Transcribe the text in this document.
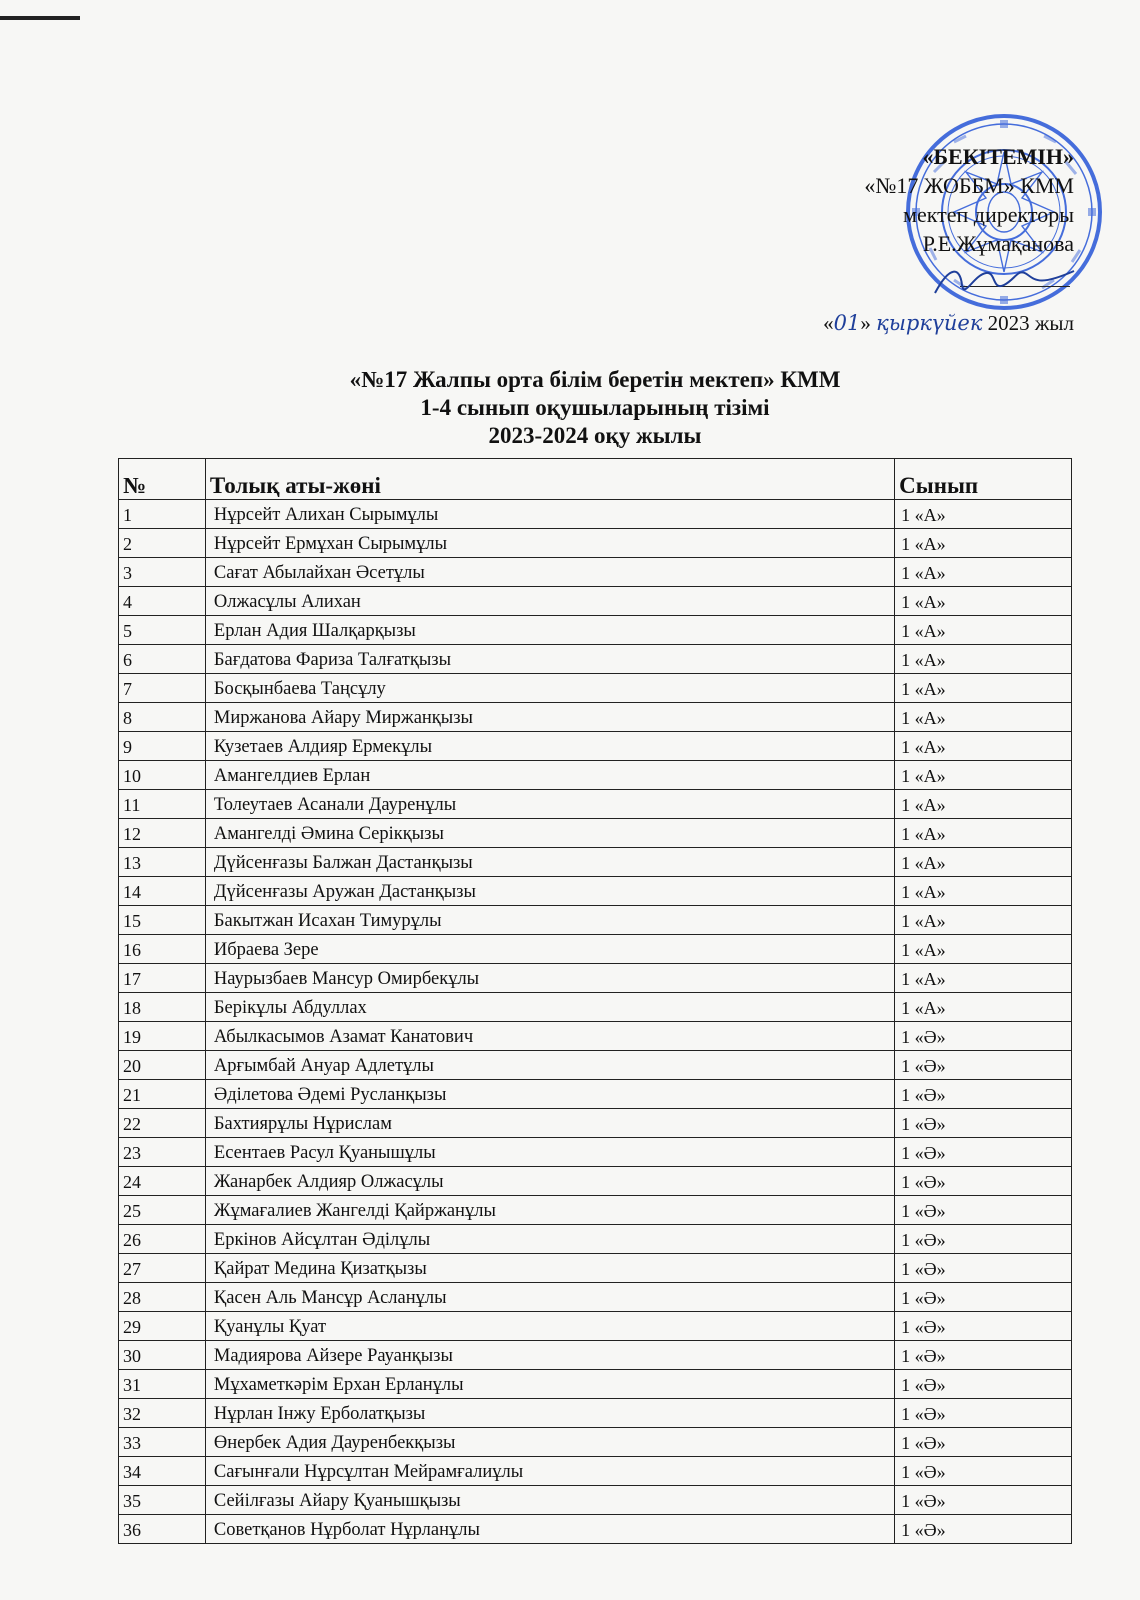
«БЕКІТЕМІН»
«№17 ЖОББМ» КММ
мектеп директоры
Р.Е.Жұмақанова
«01» қыркүйек 2023 жыл
«№17 Жалпы орта білім беретін мектеп» КММ
1-4 сынып оқушыларының тізімі
2023-2024 оқу жылы
№	Толық аты-жөні	Сынып
1	Нұрсейт Алихан Сырымұлы	1 «А»
2	Нұрсейт Ермұхан Сырымұлы	1 «А»
3	Сағат Абылайхан Әсетұлы	1 «А»
4	Олжасұлы Алихан	1 «А»
5	Ерлан Адия Шалқарқызы	1 «А»
6	Бағдатова Фариза Талғатқызы	1 «А»
7	Босқынбаева Таңсұлу	1 «А»
8	Миржанова Айару Миржанқызы	1 «А»
9	Кузетаев Алдияр Ермекұлы	1 «А»
10	Амангелдиев Ерлан	1 «А»
11	Толеутаев Асанали Дауренұлы	1 «А»
12	Амангелді Әмина Серікқызы	1 «А»
13	Дүйсенғазы Балжан Дастанқызы	1 «А»
14	Дүйсенғазы Аружан Дастанқызы	1 «А»
15	Бакытжан Исахан Тимурұлы	1 «А»
16	Ибраева Зере	1 «А»
17	Наурызбаев Мансур Омирбекұлы	1 «А»
18	Берікұлы Абдуллах	1 «А»
19	Абылкасымов Азамат Канатович	1 «Ә»
20	Арғымбай Ануар Адлетұлы	1 «Ә»
21	Әділетова Әдемі Русланқызы	1 «Ә»
22	Бахтиярұлы Нұрислам	1 «Ә»
23	Есентаев Расул Қуанышұлы	1 «Ә»
24	Жанарбек Алдияр Олжасұлы	1 «Ә»
25	Жұмағалиев Жангелді Қайржанұлы	1 «Ә»
26	Еркінов Айсұлтан Әділұлы	1 «Ә»
27	Қайрат Медина Қизатқызы	1 «Ә»
28	Қасен Аль Мансұр Асланұлы	1 «Ә»
29	Қуанұлы Қуат	1 «Ә»
30	Мадиярова Айзере Рауанқызы	1 «Ә»
31	Мұхаметкәрім Ерхан Ерланұлы	1 «Ә»
32	Нұрлан Інжу Ерболатқызы	1 «Ә»
33	Өнербек Адия Дауренбекқызы	1 «Ә»
34	Сағынғали Нұрсұлтан Мейрамғалиұлы	1 «Ә»
35	Сейілғазы Айару Қуанышқызы	1 «Ә»
36	Советқанов Нұрболат Нұрланұлы	1 «Ә»
